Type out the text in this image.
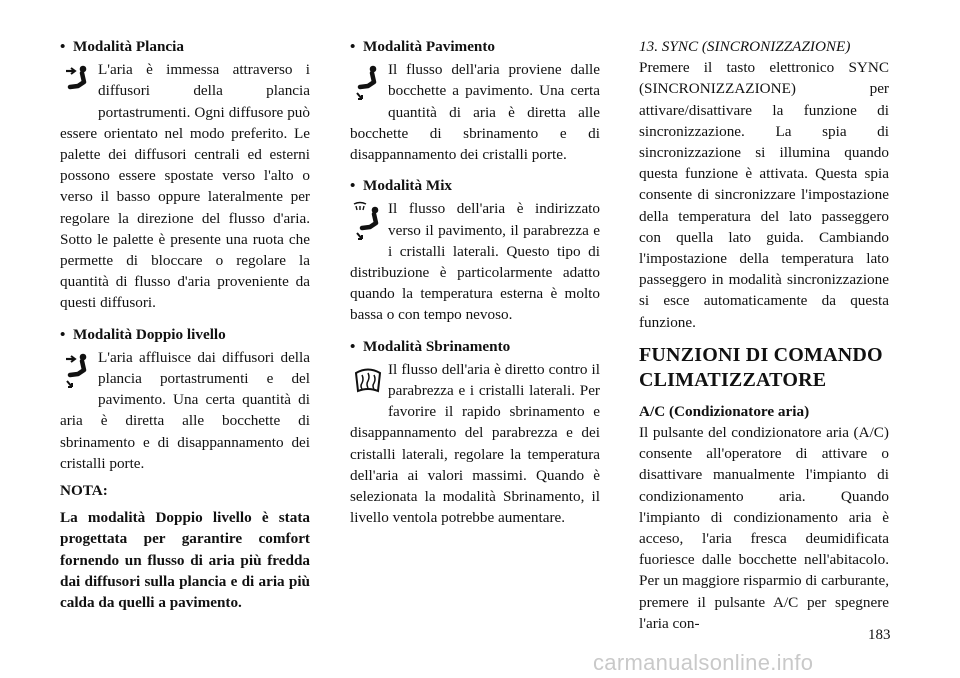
• Modalità Plancia
L'aria è immessa attraverso i diffusori della plancia portastrumenti. Ogni diffusore può essere orientato nel modo preferito. Le palette dei diffusori centrali ed esterni possono essere spostate verso l'alto o verso il basso oppure lateralmente per regolare la direzione del flusso d'aria. Sotto le palette è presente una ruota che permette di bloccare o regolare la quantità di flusso d'aria proveniente da questi diffusori.
• Modalità Doppio livello
L'aria affluisce dai diffusori della plancia portastrumenti e del pavimento. Una certa quantità di aria è diretta alle bocchette di sbrinamento e di disappannamento dei cristalli porte.
NOTA:
La modalità Doppio livello è stata progettata per garantire comfort fornendo un flusso di aria più fredda dai diffusori sulla plancia e di aria più calda da quelli a pavimento.
• Modalità Pavimento
Il flusso dell'aria proviene dalle bocchette a pavimento. Una certa quantità di aria è diretta alle bocchette di sbrinamento e di disappannamento dei cristalli porte.
• Modalità Mix
Il flusso dell'aria è indirizzato verso il pavimento, il parabrezza e i cristalli laterali. Questo tipo di distribuzione è particolarmente adatto quando la temperatura esterna è molto bassa o con tempo nevoso.
• Modalità Sbrinamento
Il flusso dell'aria è diretto contro il parabrezza e i cristalli laterali. Per favorire il rapido sbrinamento e disappannamento del parabrezza e dei cristalli laterali, regolare la temperatura dell'aria ai valori massimi. Quando è selezionata la modalità Sbrinamento, il livello ventola potrebbe aumentare.
13. SYNC (SINCRONIZZAZIONE)
Premere il tasto elettronico SYNC (SINCRONIZZAZIONE) per attivare/disattivare la funzione di sincronizzazione. La spia di sincronizzazione si illumina quando questa funzione è attivata. Questa spia consente di sincronizzare l'impostazione della temperatura del lato passeggero con quella lato guida. Cambiando l'impostazione della temperatura lato passeggero in modalità sincronizzazione si esce automaticamente da questa funzione.
FUNZIONI DI COMANDO CLIMATIZZATORE
A/C (Condizionatore aria)
Il pulsante del condizionatore aria (A/C) consente all'operatore di attivare o disattivare manualmente l'impianto di condizionamento aria. Quando l'impianto di condizionamento aria è acceso, l'aria fresca deumidificata fuoriesce dalle bocchette nell'abitacolo. Per un maggiore risparmio di carburante, premere il pulsante A/C per spegnere l'aria con-
183
carmanualsonline.info
